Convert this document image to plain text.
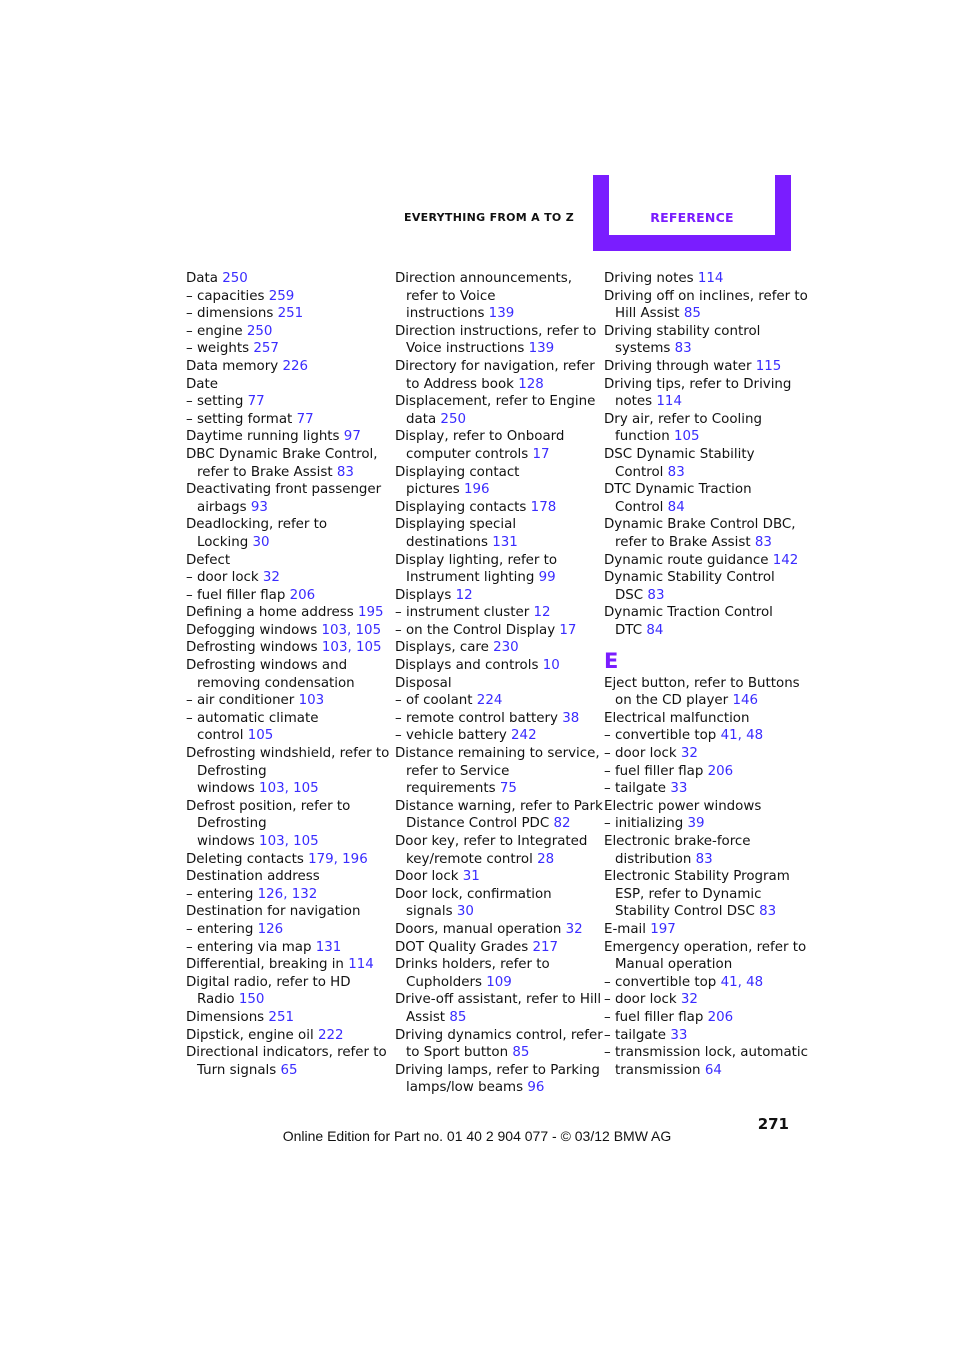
EVERYTHING FROM A TO Z	REFERENCE
Data 250
– capacities 259
– dimensions 251
– engine 250
– weights 257
Data memory 226
Date
– setting 77
– setting format 77
Daytime running lights 97
DBC Dynamic Brake Control,
refer to Brake Assist 83
Deactivating front passenger
airbags 93
Deadlocking, refer to
Locking 30
Defect
– door lock 32
– fuel filler flap 206
Defining a home address 195
Defogging windows 103, 105
Defrosting windows 103, 105
Defrosting windows and
removing condensation
– air conditioner 103
– automatic climate
control 105
Defrosting windshield, refer to
Defrosting
windows 103, 105
Defrost position, refer to
Defrosting
windows 103, 105
Deleting contacts 179, 196
Destination address
– entering 126, 132
Destination for navigation
– entering 126
– entering via map 131
Differential, breaking in 114
Digital radio, refer to HD
Radio 150
Dimensions 251
Dipstick, engine oil 222
Directional indicators, refer to
Turn signals 65
Direction announcements,
refer to Voice
instructions 139
Direction instructions, refer to
Voice instructions 139
Directory for navigation, refer
to Address book 128
Displacement, refer to Engine
data 250
Display, refer to Onboard
computer controls 17
Displaying contact
pictures 196
Displaying contacts 178
Displaying special
destinations 131
Display lighting, refer to
Instrument lighting 99
Displays 12
– instrument cluster 12
– on the Control Display 17
Displays, care 230
Displays and controls 10
Disposal
– of coolant 224
– remote control battery 38
– vehicle battery 242
Distance remaining to service,
refer to Service
requirements 75
Distance warning, refer to Park
Distance Control PDC 82
Door key, refer to Integrated
key/remote control 28
Door lock 31
Door lock, confirmation
signals 30
Doors, manual operation 32
DOT Quality Grades 217
Drinks holders, refer to
Cupholders 109
Drive-off assistant, refer to Hill
Assist 85
Driving dynamics control, refer
to Sport button 85
Driving lamps, refer to Parking
lamps/low beams 96
Driving notes 114
Driving off on inclines, refer to
Hill Assist 85
Driving stability control
systems 83
Driving through water 115
Driving tips, refer to Driving
notes 114
Dry air, refer to Cooling
function 105
DSC Dynamic Stability
Control 83
DTC Dynamic Traction
Control 84
Dynamic Brake Control DBC,
refer to Brake Assist 83
Dynamic route guidance 142
Dynamic Stability Control
DSC 83
Dynamic Traction Control
DTC 84
E
Eject button, refer to Buttons
on the CD player 146
Electrical malfunction
– convertible top 41, 48
– door lock 32
– fuel filler flap 206
– tailgate 33
Electric power windows
– initializing 39
Electronic brake-force
distribution 83
Electronic Stability Program
ESP, refer to Dynamic
Stability Control DSC 83
E-mail 197
Emergency operation, refer to
Manual operation
– convertible top 41, 48
– door lock 32
– fuel filler flap 206
– tailgate 33
– transmission lock, automatic
transmission 64
271
Online Edition for Part no. 01 40 2 904 077 - © 03/12 BMW AG
